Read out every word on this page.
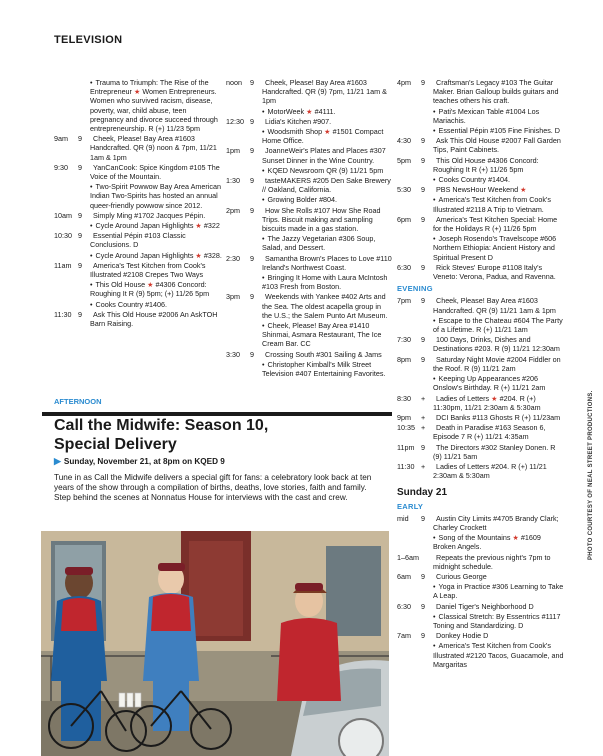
TELEVISION
• Trauma to Triumph: The Rise of the Entrepreneur ★ Women Entrepreneurs. Women who survived racism, disease, poverty, war, child abuse, teen pregnancy and divorce succeed through entrepreneurship. R (+) 11/23 5pm
9am	9	Cheek, Please! Bay Area #1603 Handcrafted. QR (9) noon & 7pm, 11/21 1am & 1pm
9:30	9	YanCanCook: Spice Kingdom #105 The Voice of the Mountain.
• Two-Spirit Powwow Bay Area American Indian Two-Spirits has hosted an annual queer-friendly powwow since 2012.
10am 9	Simply Ming #1702 Jacques Pépin.
• Cycle Around Japan Highlights ★ #322
10:30 9	Essential Pépin #103 Classic Conclusions. D
• Cycle Around Japan Highlights ★ #328.
11am 9	America's Test Kitchen from Cook's Illustrated #2108 Crepes Two Ways
• This Old House ★ #4306 Concord: Roughing It R (9) 5pm; (+) 11/26 5pm
• Cooks Country #1406.
11:30 9	Ask This Old House #2006 An AskTOH Barn Raising.
AFTERNOON
noon	9	Cheek, Please! Bay Area #1603 Handcrafted. QR (9) 7pm, 11/21 1am & 1pm
• MotorWeek ★ #4111.
12:30 9	Lidia's Kitchen #907.
• Woodsmith Shop ★ #1501 Compact Home Office.
1pm	9	JoanneWeir's Plates and Places #307 Sunset Dinner in the Wine Country.
• KQED Newsroom QR (9) 11/21 5pm
1:30	9	tasteMAKERS #205 Den Sake Brewery // Oakland, California.
• Growing Bolder #804.
2pm	9	How She Rolls #107 How She Road Trips. Biscuit making and sampling biscuits made in a gas station.
• The Jazzy Vegetarian #306 Soup, Salad, and Dessert.
2:30	9	Samantha Brown's Places to Love #110 Ireland's Northwest Coast.
• Bringing It Home with Laura McIntosh #103 Fresh from Boston.
3pm	9	Weekends with Yankee #402 Arts and the Sea. The oldest acapella group in the U.S.; the Salem Punto Art Museum.
• Cheek, Please! Bay Area #1410 Shinmai, Asmara Restaurant, The Ice Cream Bar. CC
3:30	9	Crossing South #301 Sailing & Jams
• Christopher Kimball's Milk Street Television #407 Entertaining Favorites.
4pm	9	Craftsman's Legacy #103 The Guitar Maker. Brian Galloup builds guitars and teaches others his craft.
• Pati's Mexican Table #1004 Los Mariachis.
• Essential Pépin #105 Fine Finishes. D
4:30	9	Ask This Old House #2007 Fall Garden Tips, Paint Cabinets.
5pm	9	This Old House #4306 Concord: Roughing It R (+) 11/26 5pm
• Cooks Country #1404.
5:30	9	PBS NewsHour Weekend ★
• America's Test Kitchen from Cook's Illustrated #2118 A Trip to Vietnam.
6pm	9	America's Test Kitchen Special: Home for the Holidays R (+) 11/26 5pm
• Joseph Rosendo's Travelscope #606 Northern Ethiopia: Ancient History and Spiritual Present D
6:30	9	Rick Steves' Europe #1108 Italy's Veneto: Verona, Padua, and Ravenna.
EVENING
7pm	9	Cheek, Please! Bay Area #1603 Handcrafted. QR (9) 11/21 1am & 1pm
• Escape to the Chateau #604 The Party of a Lifetime. R (+) 11/21 1am
7:30	9	100 Days, Drinks, Dishes and Destinations #203. R (9) 11/21 12:30am
8pm	9	Saturday Night Movie #2004 Fiddler on the Roof. R (9) 11/21 2am
• Keeping Up Appearances #206 Onslow's Birthday. R (+) 11/21 2am
8:30	+	Ladies of Letters ★ #204. R (+) 11:30pm, 11/21 2:30am & 5:30am
9pm	+	DCI Banks #113 Ghosts R (+) 11/23am
10:35 +	Death in Paradise #163 Season 6, Episode 7 R (+) 11/21 4:35am
11pm 9	The Directors #302 Stanley Donen. R (9) 11/21 5am
11:30 +	Ladies of Letters #204. R (+) 11/21 2:30am & 5:30am
Sunday 21
EARLY
mid	9	Austin City Limits #4705 Brandy Clark; Charley Crockett
• Song of the Mountains ★ #1609 Broken Angels.
1–6am	Repeats the previous night's 7pm to midnight schedule.
6am	9	Curious George
• Yoga in Practice #306 Learning to Take A Leap.
6:30	9	Daniel Tiger's Neighborhood D
• Classical Stretch: By Essentrics #1117 Toning and Standardizing. D
7am	9	Donkey Hodie D
• America's Test Kitchen from Cook's Illustrated #2120 Tacos, Guacamole, and Margaritas
Call the Midwife: Season 10,
Special Delivery
▶ Sunday, November 21, at 8pm on KQED 9

Tune in as Call the Midwife delivers a special gift for fans: a celebratory look back at ten years of the show through a compilation of births, deaths, love stories, faith and family. Step behind the scenes at Nonnatus House for interviews with the cast and crew.	PHOTO COURTESY OF NEAL STREET PRODUCTIONS.
